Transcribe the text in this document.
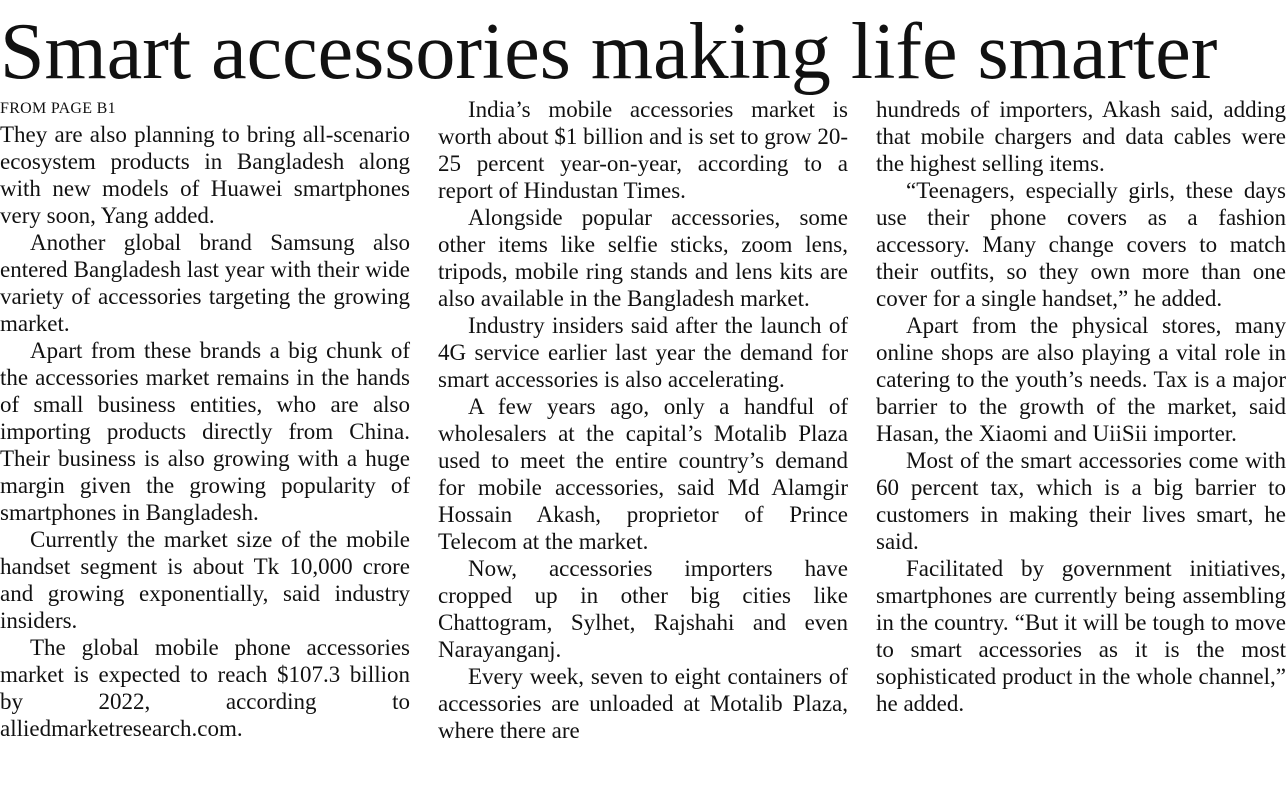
Smart accessories making life smarter
FROM PAGE B1

They are also planning to bring all-scenario ecosystem products in Bangladesh along with new models of Huawei smartphones very soon, Yang added.

Another global brand Samsung also entered Bangladesh last year with their wide variety of accessories targeting the growing market.

Apart from these brands a big chunk of the accessories market remains in the hands of small business entities, who are also importing products directly from China. Their business is also growing with a huge margin given the growing popularity of smartphones in Bangladesh.

Currently the market size of the mobile handset segment is about Tk 10,000 crore and growing exponentially, said industry insiders.

The global mobile phone accessories market is expected to reach $107.3 billion by 2022, according to alliedmarketresearch.com.

India’s mobile accessories market is worth about $1 billion and is set to grow 20-25 percent year-on-year, according to a report of Hindustan Times.

Alongside popular accessories, some other items like selfie sticks, zoom lens, tripods, mobile ring stands and lens kits are also available in the Bangladesh market.

Industry insiders said after the launch of 4G service earlier last year the demand for smart accessories is also accelerating.

A few years ago, only a handful of wholesalers at the capital’s Motalib Plaza used to meet the entire country’s demand for mobile accessories, said Md Alamgir Hossain Akash, proprietor of Prince Telecom at the market.

Now, accessories importers have cropped up in other big cities like Chattogram, Sylhet, Rajshahi and even Narayanganj.

Every week, seven to eight containers of accessories are unloaded at Motalib Plaza, where there are

hundreds of importers, Akash said, adding that mobile chargers and data cables were the highest selling items.

“Teenagers, especially girls, these days use their phone covers as a fashion accessory. Many change covers to match their outfits, so they own more than one cover for a single handset,” he added.

Apart from the physical stores, many online shops are also playing a vital role in catering to the youth’s needs. Tax is a major barrier to the growth of the market, said Hasan, the Xiaomi and UiiSii importer.

Most of the smart accessories come with 60 percent tax, which is a big barrier to customers in making their lives smart, he said.

Facilitated by government initiatives, smartphones are currently being assembling in the country. “But it will be tough to move to smart accessories as it is the most sophisticated product in the whole channel,” he added.
